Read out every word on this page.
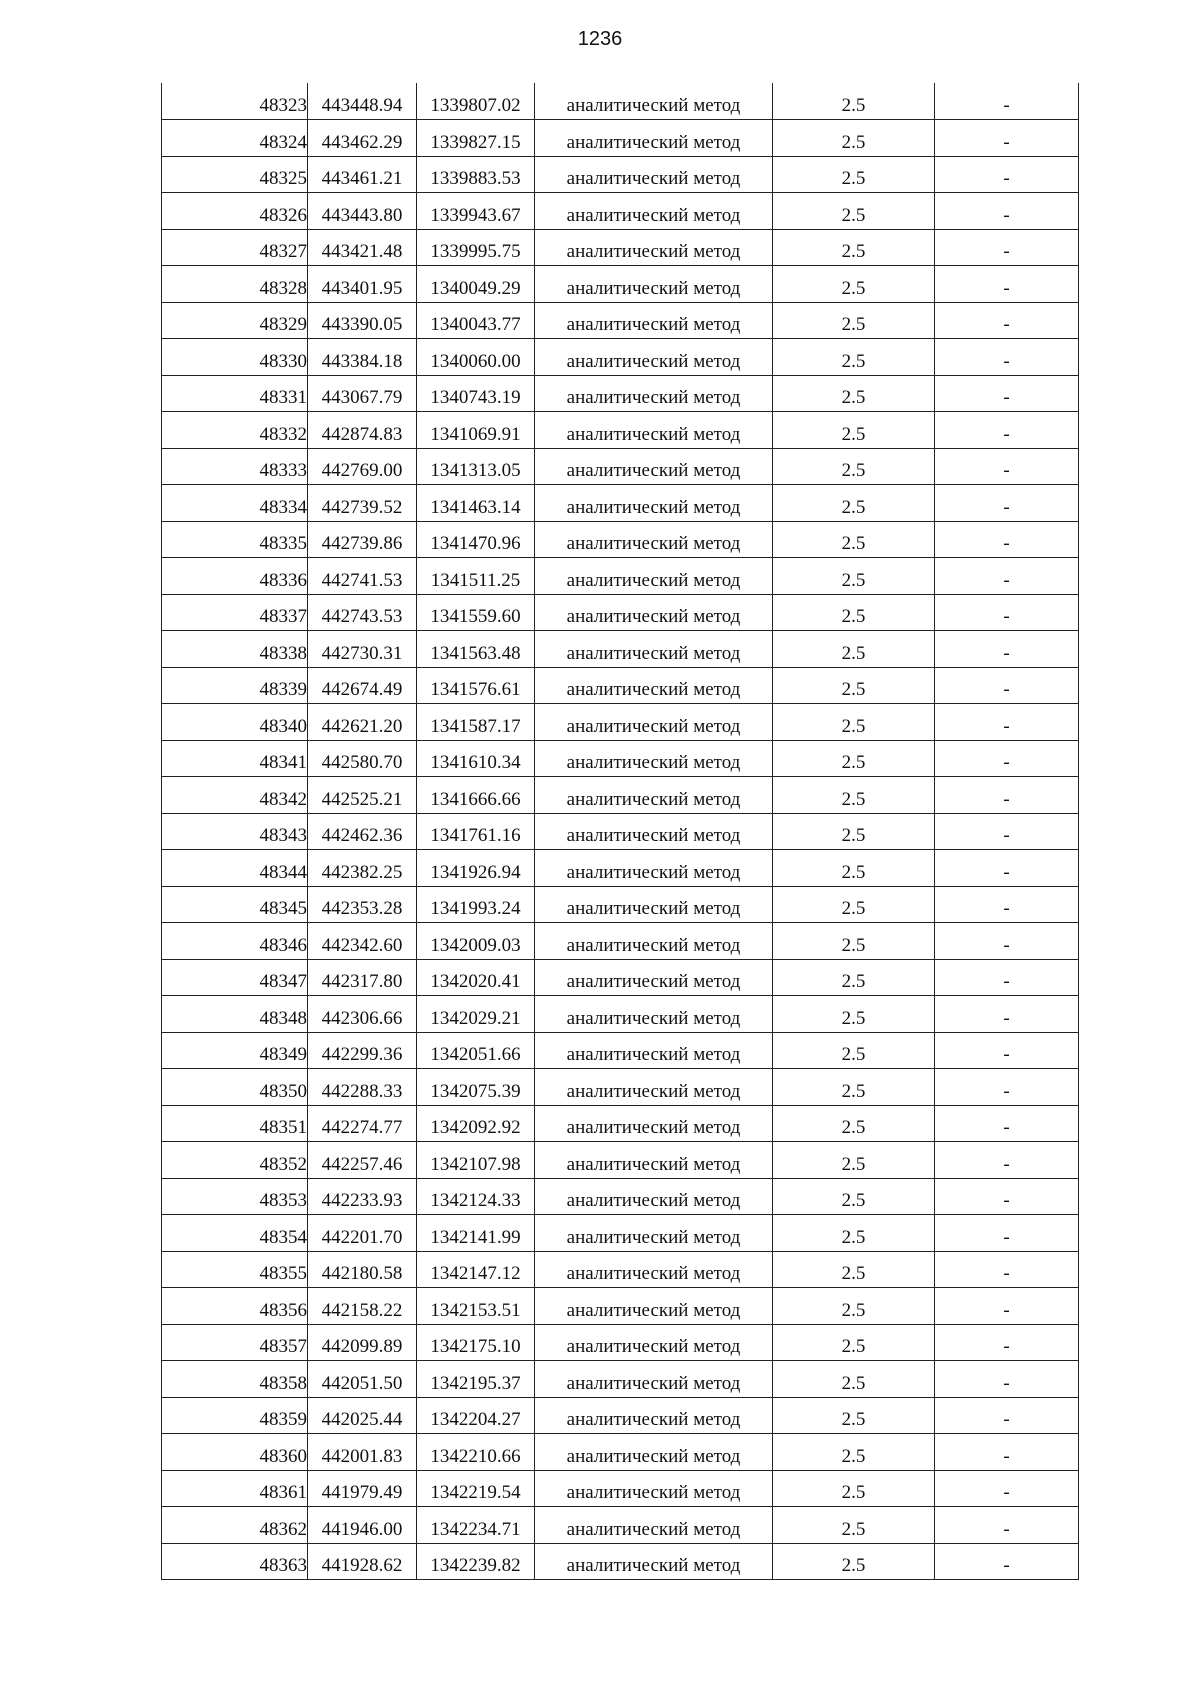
1236
48323	443448.94	1339807.02	аналитический метод	2.5	-
48324	443462.29	1339827.15	аналитический метод	2.5	-
48325	443461.21	1339883.53	аналитический метод	2.5	-
48326	443443.80	1339943.67	аналитический метод	2.5	-
48327	443421.48	1339995.75	аналитический метод	2.5	-
48328	443401.95	1340049.29	аналитический метод	2.5	-
48329	443390.05	1340043.77	аналитический метод	2.5	-
48330	443384.18	1340060.00	аналитический метод	2.5	-
48331	443067.79	1340743.19	аналитический метод	2.5	-
48332	442874.83	1341069.91	аналитический метод	2.5	-
48333	442769.00	1341313.05	аналитический метод	2.5	-
48334	442739.52	1341463.14	аналитический метод	2.5	-
48335	442739.86	1341470.96	аналитический метод	2.5	-
48336	442741.53	1341511.25	аналитический метод	2.5	-
48337	442743.53	1341559.60	аналитический метод	2.5	-
48338	442730.31	1341563.48	аналитический метод	2.5	-
48339	442674.49	1341576.61	аналитический метод	2.5	-
48340	442621.20	1341587.17	аналитический метод	2.5	-
48341	442580.70	1341610.34	аналитический метод	2.5	-
48342	442525.21	1341666.66	аналитический метод	2.5	-
48343	442462.36	1341761.16	аналитический метод	2.5	-
48344	442382.25	1341926.94	аналитический метод	2.5	-
48345	442353.28	1341993.24	аналитический метод	2.5	-
48346	442342.60	1342009.03	аналитический метод	2.5	-
48347	442317.80	1342020.41	аналитический метод	2.5	-
48348	442306.66	1342029.21	аналитический метод	2.5	-
48349	442299.36	1342051.66	аналитический метод	2.5	-
48350	442288.33	1342075.39	аналитический метод	2.5	-
48351	442274.77	1342092.92	аналитический метод	2.5	-
48352	442257.46	1342107.98	аналитический метод	2.5	-
48353	442233.93	1342124.33	аналитический метод	2.5	-
48354	442201.70	1342141.99	аналитический метод	2.5	-
48355	442180.58	1342147.12	аналитический метод	2.5	-
48356	442158.22	1342153.51	аналитический метод	2.5	-
48357	442099.89	1342175.10	аналитический метод	2.5	-
48358	442051.50	1342195.37	аналитический метод	2.5	-
48359	442025.44	1342204.27	аналитический метод	2.5	-
48360	442001.83	1342210.66	аналитический метод	2.5	-
48361	441979.49	1342219.54	аналитический метод	2.5	-
48362	441946.00	1342234.71	аналитический метод	2.5	-
48363	441928.62	1342239.82	аналитический метод	2.5	-
